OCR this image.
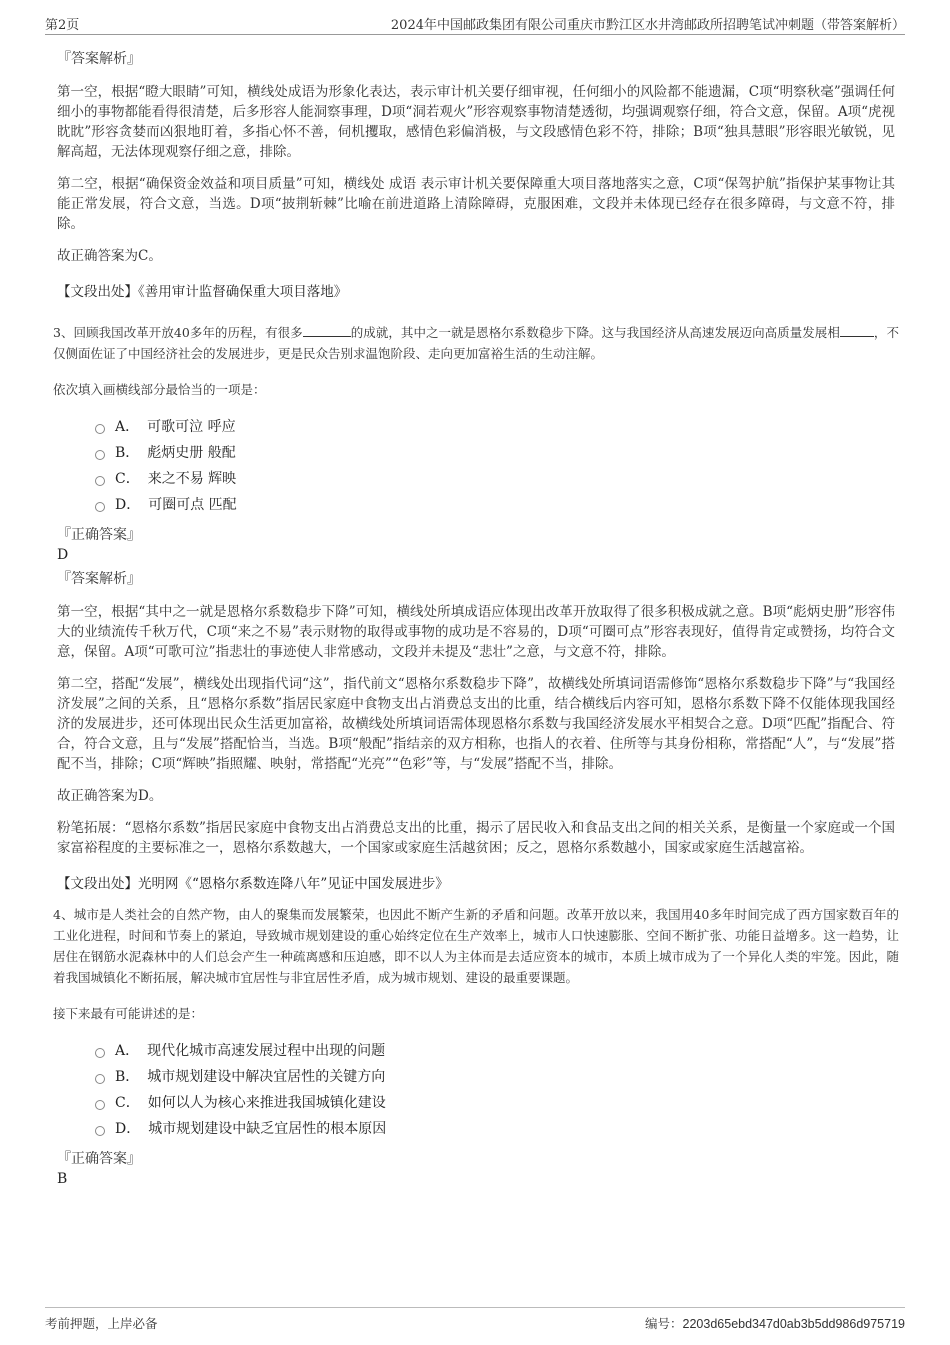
第2页	2024年中国邮政集团有限公司重庆市黔江区水井湾邮政所招聘笔试冲刺题（带答案解析）
『答案解析』

第一空，根据“瞪大眼睛”可知，横线处成语为形象化表达，表示审计机关要仔细审视，任何细小的风险都不能遗漏，C项“明察秋毫”强调任何细小的事物都能看得很清楚，后多形容人能洞察事理，D项“洞若观火”形容观察事物清楚透彻，均强调观察仔细，符合文意，保留。A项“虎视眈眈”形容贪婪而凶狠地盯着，多指心怀不善，伺机攫取，感情色彩偏消极，与文段感情色彩不符，排除；B项“独具慧眼”形容眼光敏锐，见解高超，无法体现观察仔细之意，排除。

第二空，根据“确保资金效益和项目质量”可知，横线处 成语 表示审计机关要保障重大项目落地落实之意，C项“保驾护航”指保护某事物让其能正常发展，符合文意，当选。D项“披荆斩棘”比喻在前进道路上清除障碍，克服困难，文段并未体现已经存在很多障碍，与文意不符，排除。

故正确答案为C。

【文段出处】《善用审计监督确保重大项目落地》

3、回顾我国改革开放40多年的历程，有很多	的成就，其中之一就是恩格尔系数稳步下降。这与我国经济从高速发展迈向高质量发展相	，不仅侧面佐证了中国经济社会的发展进步，更是民众告别求温饱阶段、走向更加富裕生活的生动注解。
依次填入画横线部分最恰当的一项是：
A． 可歌可泣 呼应
B． 彪炳史册 般配
C． 来之不易 辉映
D． 可圈可点 匹配
『正确答案』
D
『答案解析』

第一空，根据“其中之一就是恩格尔系数稳步下降”可知，横线处所填成语应体现出改革开放取得了很多积极成就之意。B项“彪炳史册”形容伟大的业绩流传千秋万代，C项“来之不易”表示财物的取得或事物的成功是不容易的，D项“可圈可点”形容表现好，值得肯定或赞扬，均符合文意，保留。A项“可歌可泣”指悲壮的事迹使人非常感动，文段并未提及“悲壮”之意，与文意不符，排除。

第二空，搭配“发展”，横线处出现指代词“这”，指代前文“恩格尔系数稳步下降”，故横线处所填词语需修饰“恩格尔系数稳步下降”与“我国经济发展”之间的关系，且“恩格尔系数”指居民家庭中食物支出占消费总支出的比重，结合横线后内容可知，恩格尔系数下降不仅能体现我国经济的发展进步，还可体现出民众生活更加富裕，故横线处所填词语需体现恩格尔系数与我国经济发展水平相契合之意。D项“匹配”指配合、符合，符合文意，且与“发展”搭配恰当，当选。B项“般配”指结亲的双方相称，也指人的衣着、住所等与其身份相称，常搭配“人”，与“发展”搭配不当，排除；C项“辉映”指照耀、映射，常搭配“光亮”“色彩”等，与“发展”搭配不当，排除。

故正确答案为D。

粉笔拓展：“恩格尔系数”指居民家庭中食物支出占消费总支出的比重，揭示了居民收入和食品支出之间的相关关系，是衡量一个家庭或一个国家富裕程度的主要标准之一，恩格尔系数越大，一个国家或家庭生活越贫困；反之，恩格尔系数越小，国家或家庭生活越富裕。

【文段出处】光明网《“恩格尔系数连降八年”见证中国发展进步》

4、城市是人类社会的自然产物，由人的聚集而发展繁荣，也因此不断产生新的矛盾和问题。改革开放以来，我国用40多年时间完成了西方国家数百年的工业化进程，时间和节奏上的紧迫，导致城市规划建设的重心始终定位在生产效率上，城市人口快速膨胀、空间不断扩张、功能日益增多。这一趋势，让居住在钢筋水泥森林中的人们总会产生一种疏离感和压迫感，即不以人为主体而是去适应资本的城市，本质上城市成为了一个异化人类的牢笼。因此，随着我国城镇化不断拓展，解决城市宜居性与非宜居性矛盾，成为城市规划、建设的最重要课题。
接下来最有可能讲述的是：
A． 现代化城市高速发展过程中出现的问题
B． 城市规划建设中解决宜居性的关键方向
C． 如何以人为核心来推进我国城镇化建设
D． 城市规划建设中缺乏宜居性的根本原因
『正确答案』
B
考前押题，上岸必备	编号：2203d65ebd347d0ab3b5dd986d975719
